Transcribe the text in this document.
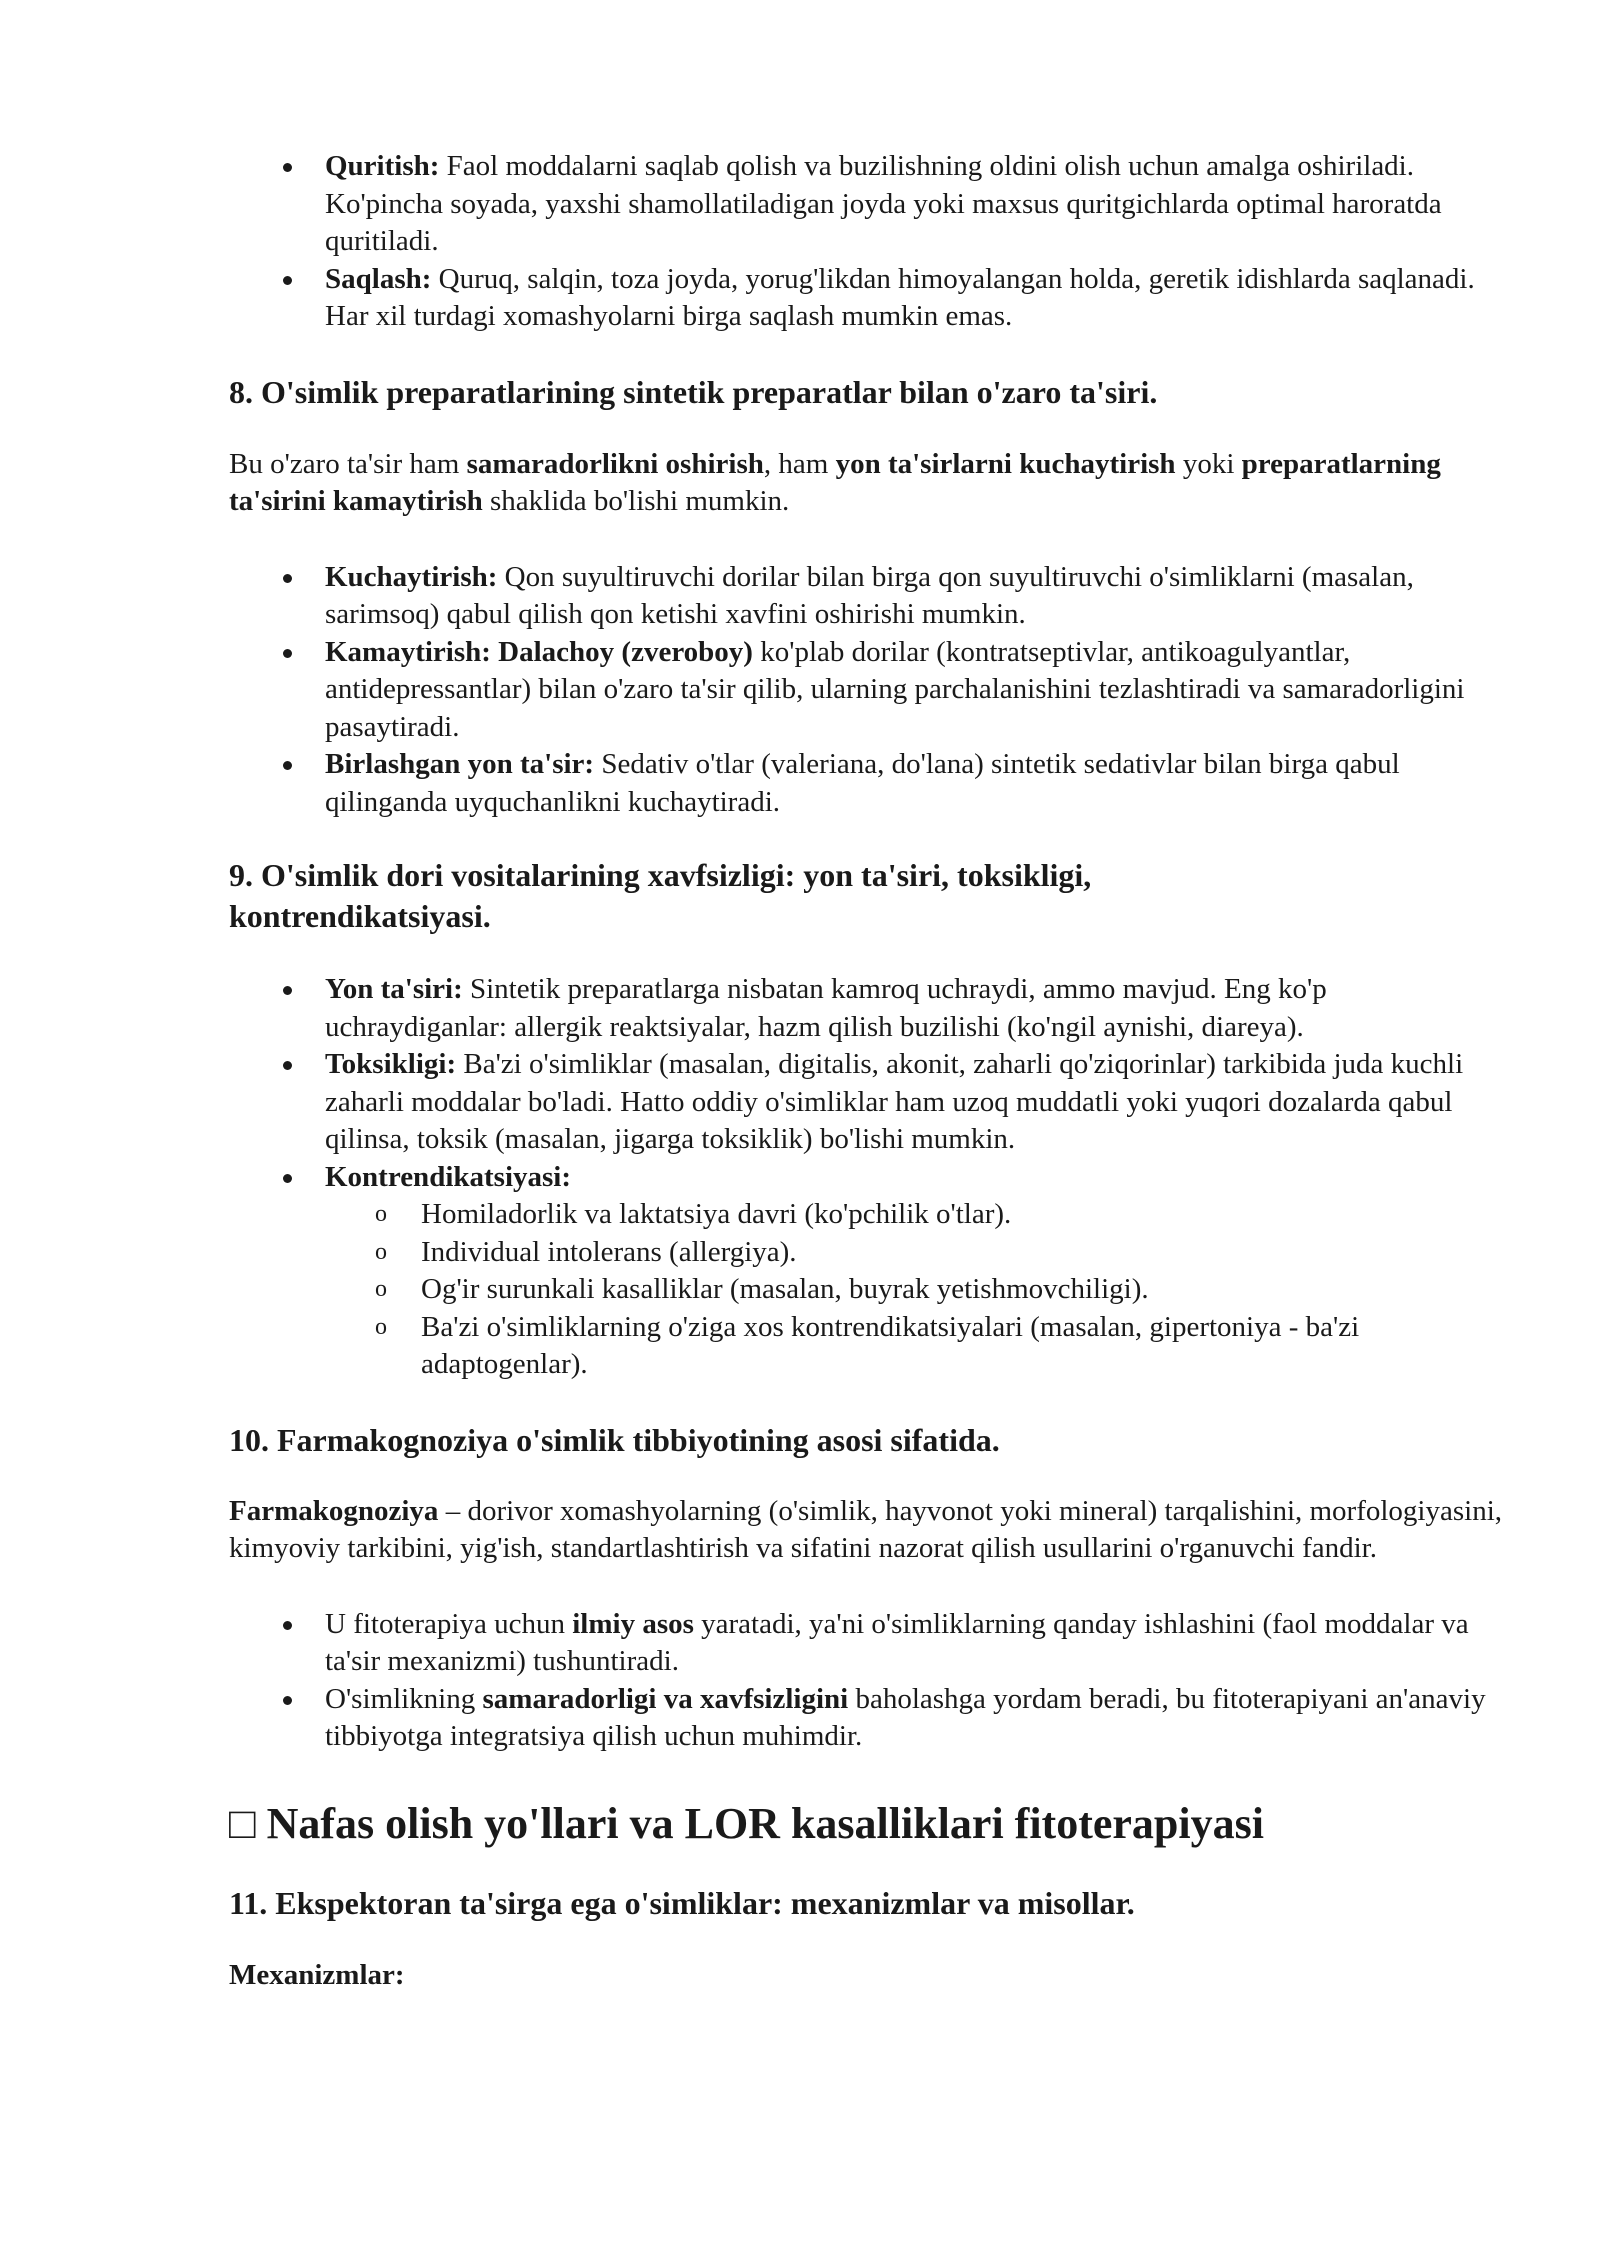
Quritish: Faol moddalarni saqlab qolish va buzilishning oldini olish uchun amalga oshiriladi. Ko'pincha soyada, yaxshi shamollatiladigan joyda yoki maxsus quritgichlarda optimal haroratda quritiladi.
Saqlash: Quruq, salqin, toza joyda, yorug'likdan himoyalangan holda, geretik idishlarda saqlanadi. Har xil turdagi xomashyolarni birga saqlash mumkin emas.
8. O'simlik preparatlarining sintetik preparatlar bilan o'zaro ta'siri.

Bu o'zaro ta'sir ham samaradorlikni oshirish, ham yon ta'sirlarni kuchaytirish yoki preparatlarning ta'sirini kamaytirish shaklida bo'lishi mumkin.

Kuchaytirish: Qon suyultiruvchi dorilar bilan birga qon suyultiruvchi o'simliklarni (masalan, sarimsoq) qabul qilish qon ketishi xavfini oshirishi mumkin.
Kamaytirish: Dalachoy (zveroboy) ko'plab dorilar (kontratseptivlar, antikoagulyantlar, antidepressantlar) bilan o'zaro ta'sir qilib, ularning parchalanishini tezlashtiradi va samaradorligini pasaytiradi.
Birlashgan yon ta'sir: Sedativ o'tlar (valeriana, do'lana) sintetik sedativlar bilan birga qabul qilinganda uyquchanlikni kuchaytiradi.
9. O'simlik dori vositalarining xavfsizligi: yon ta'siri, toksikligi, kontrendikatsiyasi.
Yon ta'siri: Sintetik preparatlarga nisbatan kamroq uchraydi, ammo mavjud. Eng ko'p uchraydiganlar: allergik reaktsiyalar, hazm qilish buzilishi (ko'ngil aynishi, diareya).
Toksikligi: Ba'zi o'simliklar (masalan, digitalis, akonit, zaharli qo'ziqorinlar) tarkibida juda kuchli zaharli moddalar bo'ladi. Hatto oddiy o'simliklar ham uzoq muddatli yoki yuqori dozalarda qabul qilinsa, toksik (masalan, jigarga toksiklik) bo'lishi mumkin.
Kontrendikatsiyasi:
o Homiladorlik va laktatsiya davri (ko'pchilik o'tlar).
o Individual intolerans (allergiya).
o Og'ir surunkali kasalliklar (masalan, buyrak yetishmovchiligi).
o Ba'zi o'simliklarning o'ziga xos kontrendikatsiyalari (masalan, gipertoniya - ba'zi adaptogenlar).
10. Farmakognoziya o'simlik tibbiyotining asosi sifatida.

Farmakognoziya – dorivor xomashyolarning (o'simlik, hayvonot yoki mineral) tarqalishini, morfologiyasini, kimyoviy tarkibini, yig'ish, standartlashtirish va sifatini nazorat qilish usullarini o'rganuvchi fandir.

U fitoterapiya uchun ilmiy asos yaratadi, ya'ni o'simliklarning qanday ishlashini (faol moddalar va ta'sir mexanizmi) tushuntiradi.
O'simlikning samaradorligi va xavfsizligini baholashga yordam beradi, bu fitoterapiyani an'anaviy tibbiyotga integratsiya qilish uchun muhimdir.
□ Nafas olish yo'llari va LOR kasalliklari fitoterapiyasi
11. Ekspektoran ta'sirga ega o'simliklar: mexanizmlar va misollar.

Mexanizmlar:
